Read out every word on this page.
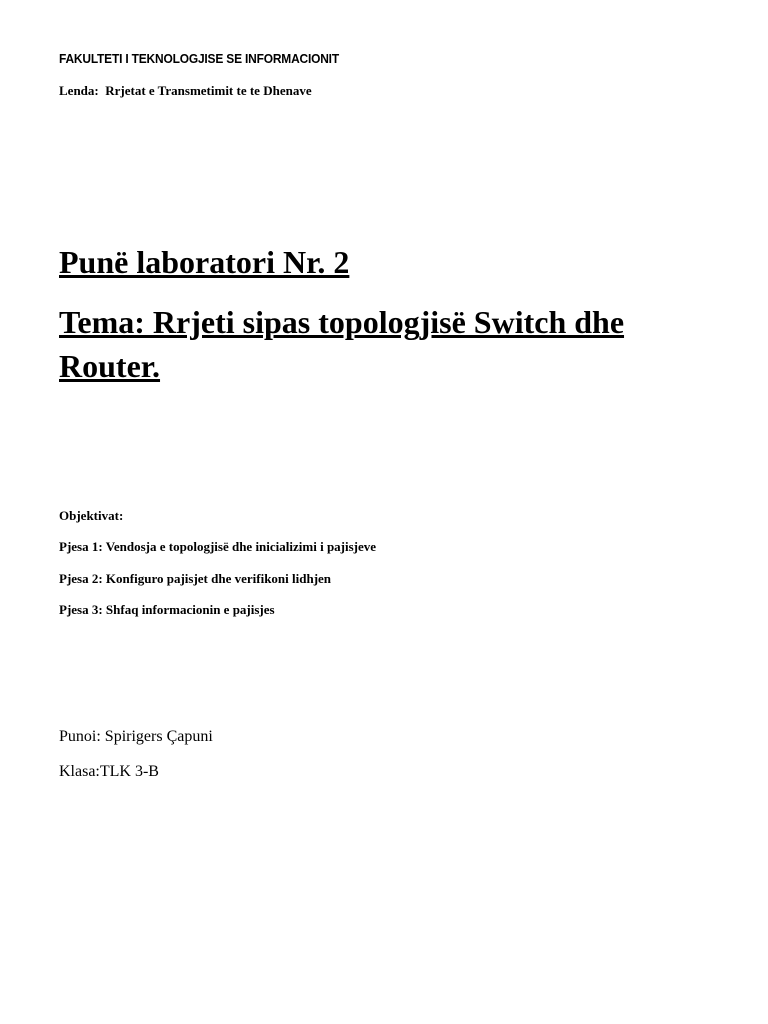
FAKULTETI I TEKNOLOGJISE SE INFORMACIONIT
Lenda:  Rrjetat e Transmetimit te te Dhenave
Punë laboratori Nr. 2
Tema: Rrjeti sipas topologjisë Switch dhe Router.
Objektivat:
Pjesa 1: Vendosja e topologjisë dhe inicializimi i pajisjeve
Pjesa 2: Konfiguro pajisjet dhe verifikoni lidhjen
Pjesa 3: Shfaq informacionin e pajisjes
Punoi: Spirigers Çapuni
Klasa:TLK 3-B
